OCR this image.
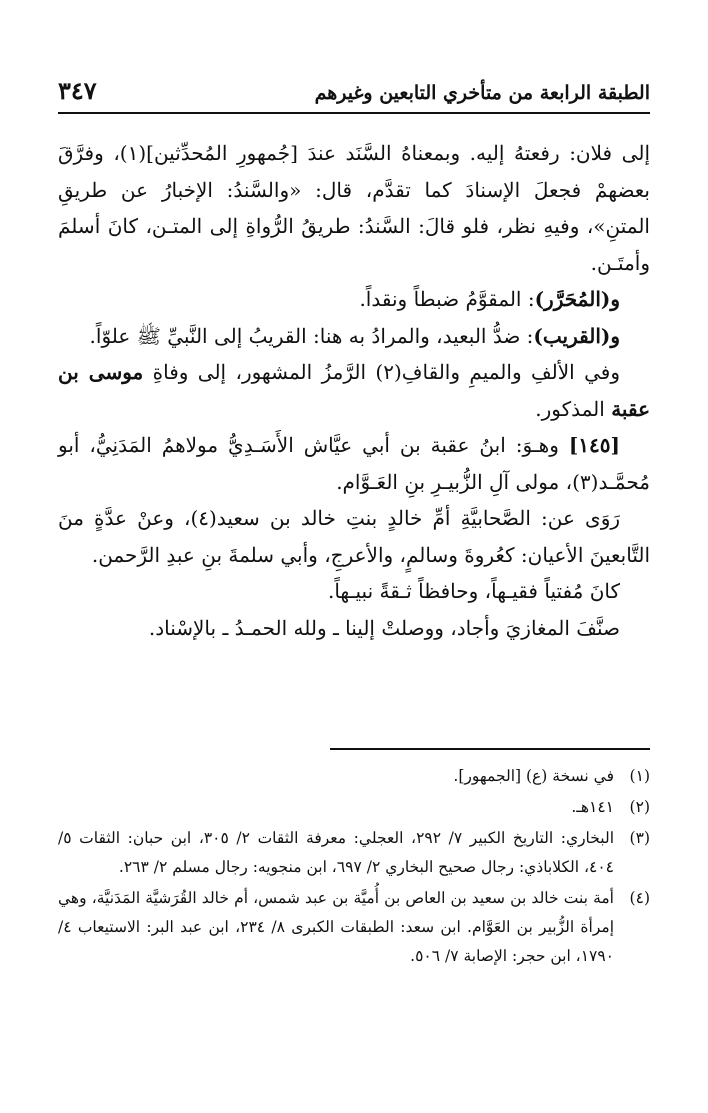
الطبقة الرابعة من متأخري التابعين وغيرهم
٣٤٧

إلى فلان: رفعتهُ إليه. وبمعناهُ السَّنَد عندَ [جُمهورِ المُحدِّثين](١)، وفرَّقَ بعضهمْ فجعلَ الإسنادَ كما تقدَّم، قال: «والسَّندُ: الإخبارُ عن طريقِ المتنِ»، وفيهِ نظر، فلو قالَ: السَّندُ: طريقُ الرُّواةِ إلى المتـن، كانَ أسلمَ وأمتَـن.

و(المُحَرَّر): المقوَّمُ ضبطاً ونقداً.

و(القريب): ضدُّ البعيد، والمرادُ به هنا: القريبُ إلى النَّبيِّ ﷺ علوّاً.

وفي الألفِ والميمِ والقافِ(٢) الرَّمزُ المشهور، إلى وفاةِ موسى بن عقبة المذكور.

[١٤٥] وهـوَ: ابنُ عقبة بن أبي عيَّاش الأَسَـدِيُّ مولاهمُ المَدَنِيُّ، أبو مُحمَّـد(٣)، مولى آلِ الزُّبيـرِ بنِ العَـوَّام.

رَوَى عن: الصَّحابيَّةِ أمِّ خالدٍ بنتِ خالد بن سعيد(٤)، وعنْ عدَّةٍ منَ التَّابعينَ الأعيان: كعُروةَ وسالمٍ، والأعرجِ، وأبي سلمةَ بنِ عبدِ الرَّحمن.

كانَ مُفتياً فقيـهاً، وحافظاً ثـقةً نبيـهاً.

صنَّفَ المغازيَ وأجاد، ووصلتْ إلينا ـ ولله الحمـدُ ـ بالإسْناد.

(١)
في نسخة (ع) [الجمهور].

(٢)
١٤١هـ.

(٣)
البخاري: التاريخ الكبير ٧/ ٢٩٢، العجلي: معرفة الثقات ٢/ ٣٠٥، ابن حبان: الثقات ٥/ ٤٠٤، الكلاباذي: رجال صحيح البخاري ٢/ ٦٩٧، ابن منجويه: رجال مسلم ٢/ ٢٦٣.

(٤)
أمة بنت خالد بن سعيد بن العاص بن أُميَّة بن عبد شمس، أم خالد القُرَشيَّة المَدَنيَّة، وهي إمرأة الزُّبير بن العَوَّام. ابن سعد: الطبقات الكبرى ٨/ ٢٣٤، ابن عبد البر: الاستيعاب ٤/ ١٧٩٠، ابن حجر: الإصابة ٧/ ٥٠٦.
